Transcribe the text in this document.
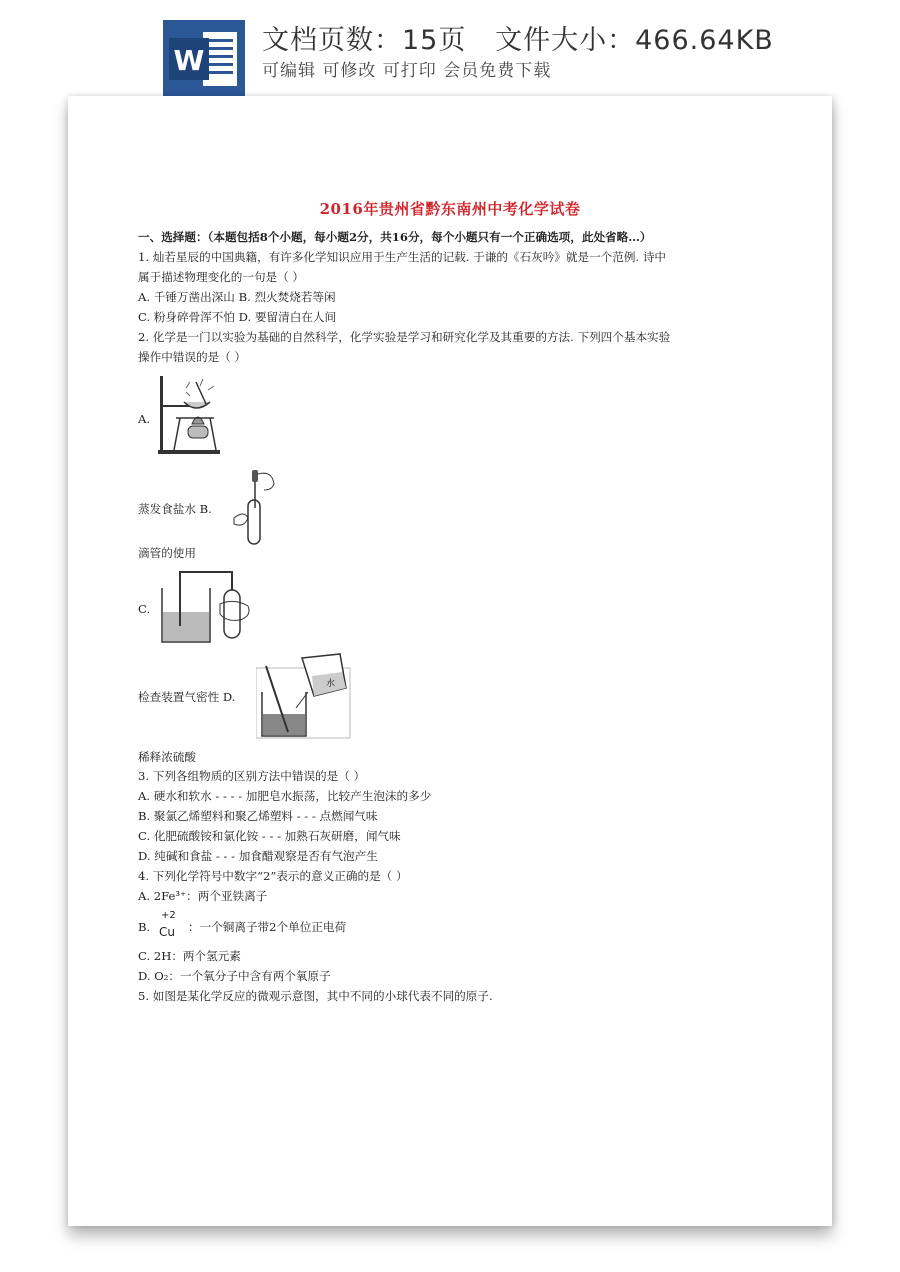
W
文档页数：15页 文件大小：466.64KB
可编辑 可修改 可打印 会员免费下载
2016年贵州省黔东南州中考化学试卷
一、选择题：（本题包括8个小题，每小题2分，共16分，每个小题只有一个正确选项，此处省略…）
1. 灿若星辰的中国典籍，有许多化学知识应用于生产生活的记载. 于谦的《石灰吟》就是一个范例. 诗中
属于描述物理变化的一句是（ ）
A. 千锤万凿出深山 B. 烈火焚烧若等闲
C. 粉身碎骨浑不怕 D. 要留清白在人间
2. 化学是一门以实验为基础的自然科学，化学实验是学习和研究化学及其重要的方法. 下列四个基本实验
操作中错误的是（ ）
A.
蒸发食盐水 B.
滴管的使用
C.
检查装置气密性 D.
水
稀释浓硫酸
3. 下列各组物质的区别方法中错误的是（ ）
A. 硬水和软水 - - - - 加肥皂水振荡，比较产生泡沫的多少
B. 聚氯乙烯塑料和聚乙烯塑料 - - - 点燃闻气味
C. 化肥硫酸铵和氯化铵 - - - 加熟石灰研磨，闻气味
D. 纯碱和食盐 - - - 加食醋观察是否有气泡产生
4. 下列化学符号中数字“2”表示的意义正确的是（ ）
A. 2Fe³⁺：两个亚铁离子
B.
+2
Cu ：一个铜离子带2个单位正电荷
C. 2H：两个氢元素
D. O₂：一个氧分子中含有两个氧原子
5. 如图是某化学反应的微观示意图，其中不同的小球代表不同的原子.
